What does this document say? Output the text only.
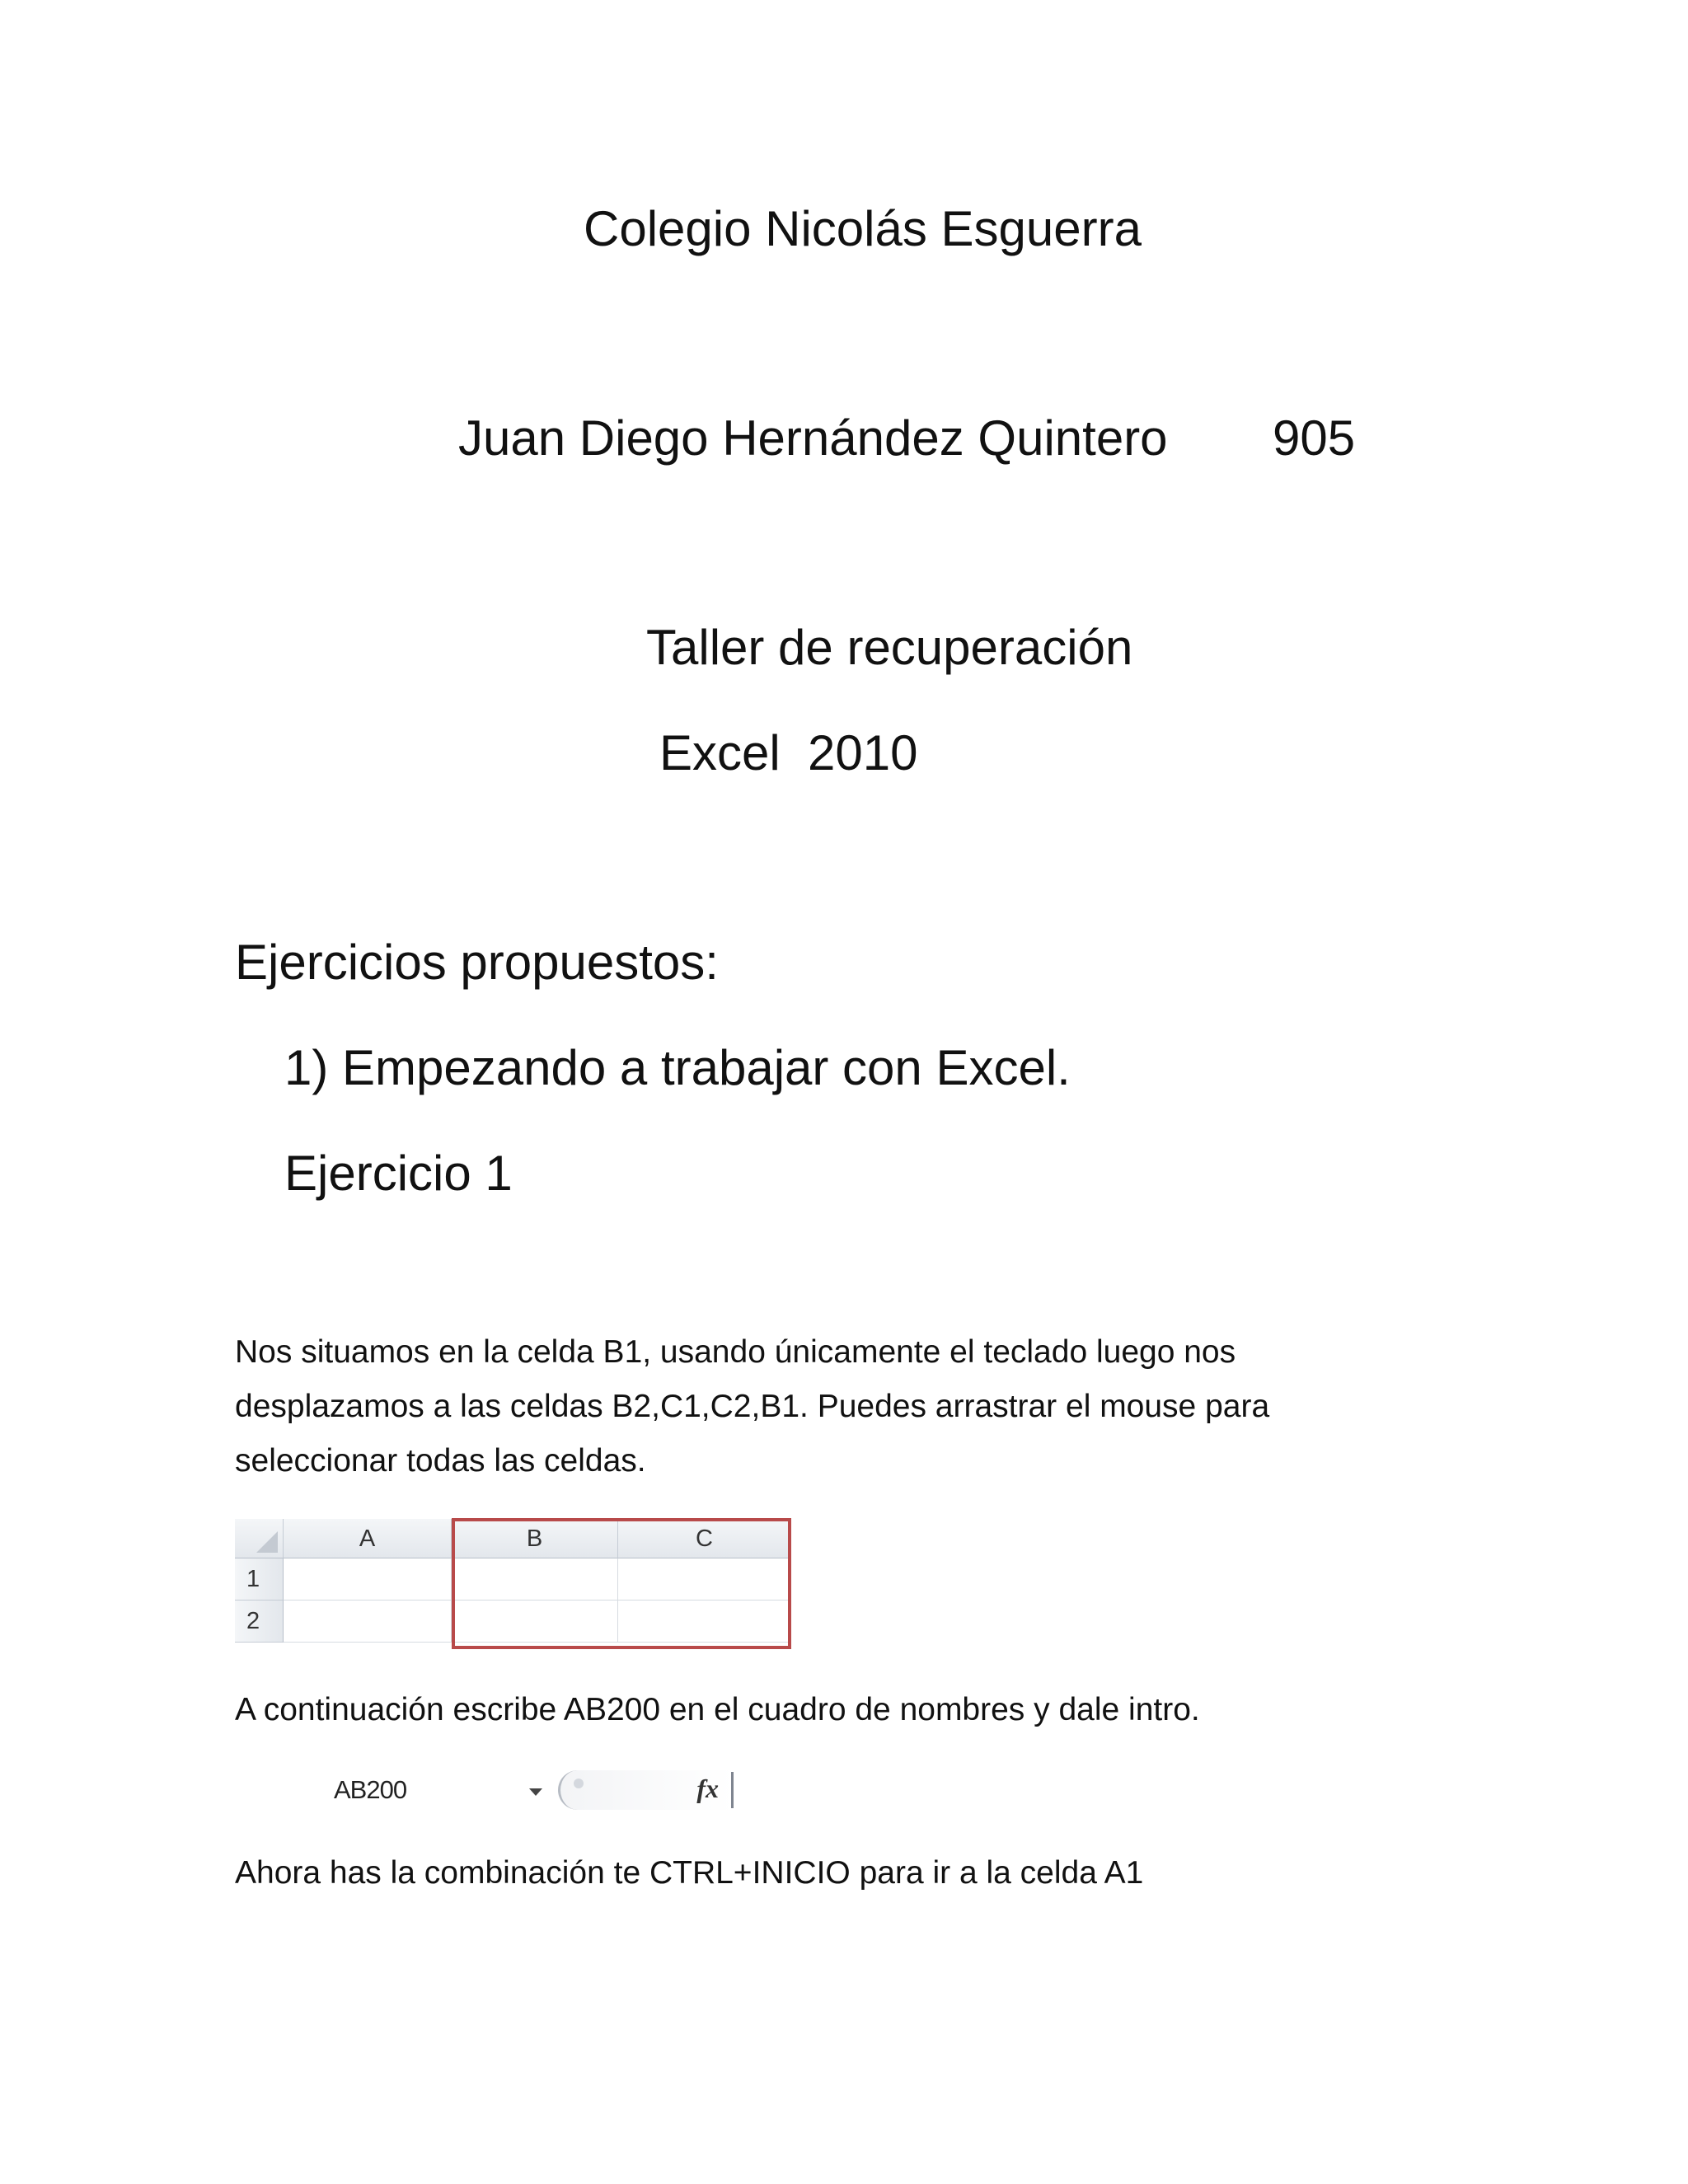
Colegio Nicolás Esguerra
Juan Diego Hernández Quintero 905
Taller de recuperación
Excel  2010
Ejercicios propuestos:
1) Empezando a trabajar con Excel.
Ejercicio 1
Nos situamos en la celda B1, usando únicamente el teclado luego nos
desplazamos a las celdas B2,C1,C2,B1. Puedes arrastrar el mouse para
seleccionar todas las celdas.
A	B	C
1
2
A continuación escribe AB200 en el cuadro de nombres y dale intro.
AB200	fx
Ahora has la combinación te CTRL+INICIO para ir a la celda A1
